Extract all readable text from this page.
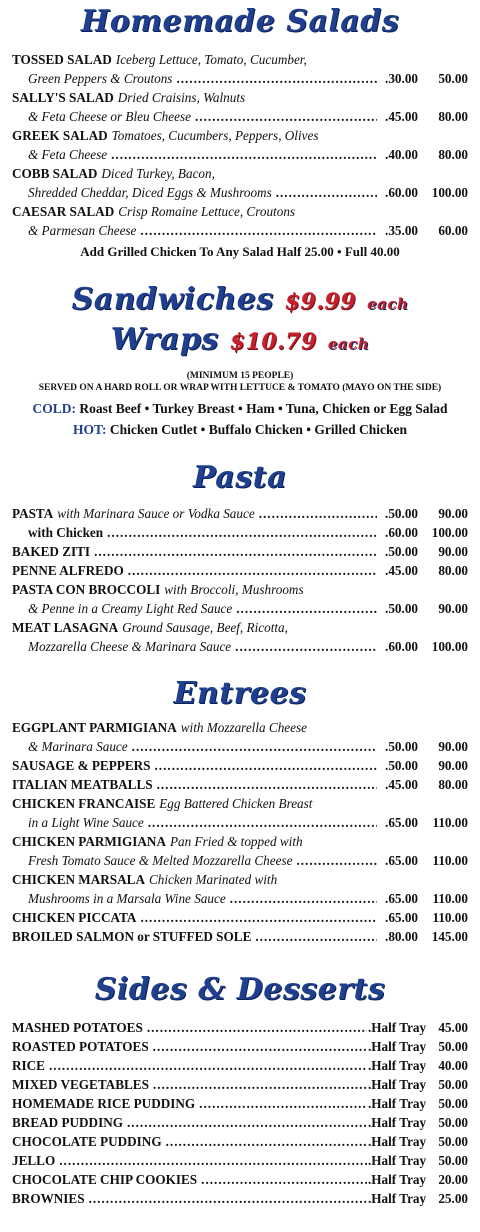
Homemade Salads
TOSSED SALAD Iceberg Lettuce, Tomato, Cucumber,
Green Peppers & Croutons .....	.30.00	50.00
SALLY'S SALAD Dried Craisins, Walnuts
& Feta Cheese or Bleu Cheese .....	.45.00	80.00
GREEK SALAD Tomatoes, Cucumbers, Peppers, Olives
& Feta Cheese .....	.40.00	80.00
COBB SALAD Diced Turkey, Bacon,
Shredded Cheddar, Diced Eggs & Mushrooms .....	.60.00	100.00
CAESAR SALAD Crisp Romaine Lettuce, Croutons
& Parmesan Cheese .....	.35.00	60.00
Add Grilled Chicken To Any Salad Half 25.00 • Full 40.00
Sandwiches $9.99 each
Wraps $10.79 each
(MINIMUM 15 PEOPLE)
SERVED ON A HARD ROLL OR WRAP WITH LETTUCE & TOMATO (MAYO ON THE SIDE)
COLD: Roast Beef • Turkey Breast • Ham • Tuna, Chicken or Egg Salad
HOT: Chicken Cutlet • Buffalo Chicken • Grilled Chicken
Pasta
PASTA with Marinara Sauce or Vodka Sauce .....	.50.00	90.00
with Chicken .....	.60.00	100.00
BAKED ZITI .....	.50.00	90.00
PENNE ALFREDO .....	.45.00	80.00
PASTA CON BROCCOLI with Broccoli, Mushrooms
& Penne in a Creamy Light Red Sauce .....	.50.00	90.00
MEAT LASAGNA Ground Sausage, Beef, Ricotta,
Mozzarella Cheese & Marinara Sauce .....	.60.00	100.00
Entrees
EGGPLANT PARMIGIANA with Mozzarella Cheese
& Marinara Sauce .....	.50.00	90.00
SAUSAGE & PEPPERS .....	.50.00	90.00
ITALIAN MEATBALLS .....	.45.00	80.00
CHICKEN FRANCAISE Egg Battered Chicken Breast
in a Light Wine Sauce .....	.65.00	110.00
CHICKEN PARMIGIANA Pan Fried & topped with
Fresh Tomato Sauce & Melted Mozzarella Cheese .....	.65.00	110.00
CHICKEN MARSALA Chicken Marinated with
Mushrooms in a Marsala Wine Sauce .....	.65.00	110.00
CHICKEN PICCATA .....	.65.00	110.00
BROILED SALMON or STUFFED SOLE .....	.80.00	145.00
Sides & Desserts
MASHED POTATOES .....	.Half Tray 45.00
ROASTED POTATOES .....	.Half Tray 50.00
RICE .....	.Half Tray 40.00
MIXED VEGETABLES .....	.Half Tray 50.00
HOMEMADE RICE PUDDING .....	.Half Tray 50.00
BREAD PUDDING .....	.Half Tray 50.00
CHOCOLATE PUDDING .....	.Half Tray 50.00
JELLO .....	.Half Tray 50.00
CHOCOLATE CHIP COOKIES .....	.Half Tray 20.00
BROWNIES .....	.Half Tray 25.00
